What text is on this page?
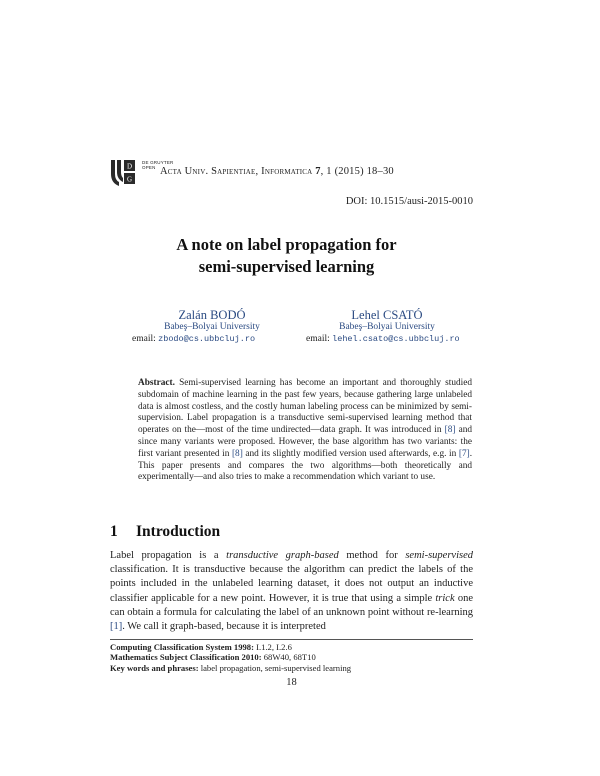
D
G
DE GRUYTER
OPEN Acta Univ. Sapientiae, Informatica 7, 1 (2015) 18–30
DOI: 10.1515/ausi-2015-0010
A note on label propagation for
semi-supervised learning
Zalán BODÓ
Babeş–Bolyai University
email: zbodo@cs.ubbcluj.ro
Lehel CSATÓ
Babeş–Bolyai University
email: lehel.csato@cs.ubbcluj.ro
Abstract. Semi-supervised learning has become an important and thoroughly studied subdomain of machine learning in the past few years, because gathering large unlabeled data is almost costless, and the costly human labeling process can be minimized by semi-supervision. Label propagation is a transductive semi-supervised learning method that operates on the—most of the time undirected—data graph. It was introduced in [8] and since many variants were proposed. However, the base algorithm has two variants: the first variant presented in [8] and its slightly modified version used afterwards, e.g. in [7]. This paper presents and compares the two algorithms—both theoretically and experimentally—and also tries to make a recommendation which variant to use.
1 Introduction
Label propagation is a transductive graph-based method for semi-supervised classification. It is transductive because the algorithm can predict the labels of the points included in the unlabeled learning dataset, it does not output an inductive classifier applicable for a new point. However, it is true that using a simple trick one can obtain a formula for calculating the label of an unknown point without re-learning [1]. We call it graph-based, because it is interpreted
Computing Classification System 1998: I.1.2, I.2.6
Mathematics Subject Classification 2010: 68W40, 68T10
Key words and phrases: label propagation, semi-supervised learning
18
